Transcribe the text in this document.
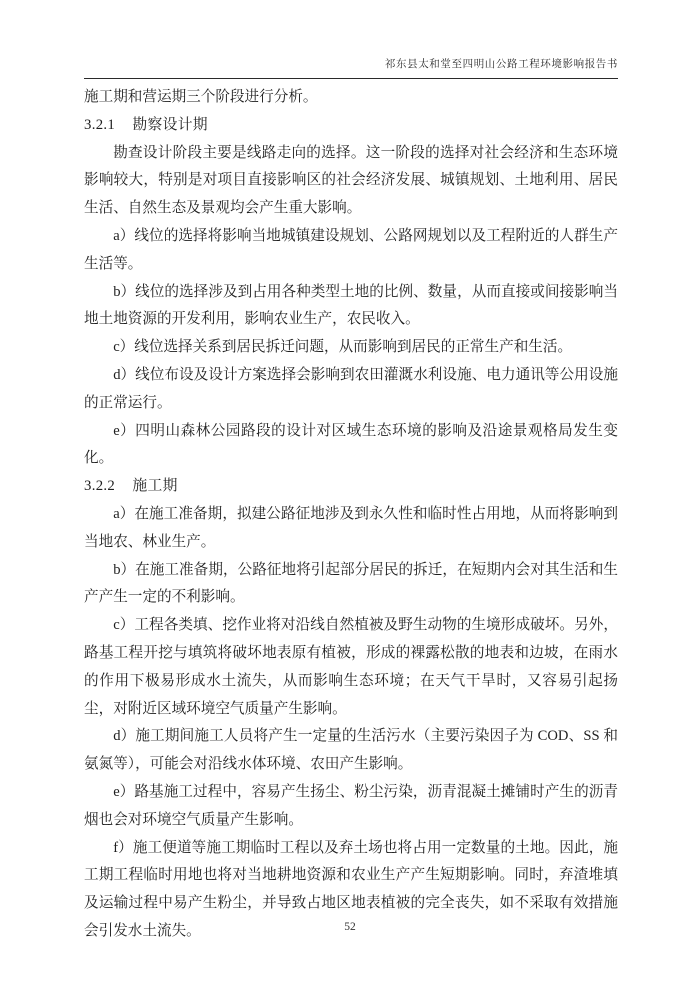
祁东县太和堂至四明山公路工程环境影响报告书

施工期和营运期三个阶段进行分析。

3.2.1 勘察设计期

勘查设计阶段主要是线路走向的选择。这一阶段的选择对社会经济和生态环境影响较大，特别是对项目直接影响区的社会经济发展、城镇规划、土地利用、居民生活、自然生态及景观均会产生重大影响。

a）线位的选择将影响当地城镇建设规划、公路网规划以及工程附近的人群生产生活等。

b）线位的选择涉及到占用各种类型土地的比例、数量，从而直接或间接影响当地土地资源的开发利用，影响农业生产，农民收入。

c）线位选择关系到居民拆迁问题，从而影响到居民的正常生产和生活。

d）线位布设及设计方案选择会影响到农田灌溉水利设施、电力通讯等公用设施的正常运行。

e）四明山森林公园路段的设计对区域生态环境的影响及沿途景观格局发生变化。

3.2.2 施工期

a）在施工准备期，拟建公路征地涉及到永久性和临时性占用地，从而将影响到当地农、林业生产。

b）在施工准备期，公路征地将引起部分居民的拆迁，在短期内会对其生活和生产产生一定的不利影响。

c）工程各类填、挖作业将对沿线自然植被及野生动物的生境形成破坏。另外，路基工程开挖与填筑将破坏地表原有植被，形成的裸露松散的地表和边坡，在雨水的作用下极易形成水土流失，从而影响生态环境；在天气干旱时，又容易引起扬尘，对附近区域环境空气质量产生影响。

d）施工期间施工人员将产生一定量的生活污水（主要污染因子为 COD、SS 和氨氮等），可能会对沿线水体环境、农田产生影响。

e）路基施工过程中，容易产生扬尘、粉尘污染，沥青混凝土摊铺时产生的沥青烟也会对环境空气质量产生影响。

f）施工便道等施工期临时工程以及弃土场也将占用一定数量的土地。因此，施工期工程临时用地也将对当地耕地资源和农业生产产生短期影响。同时，弃渣堆填及运输过程中易产生粉尘，并导致占地区地表植被的完全丧失，如不采取有效措施会引发水土流失。	52
